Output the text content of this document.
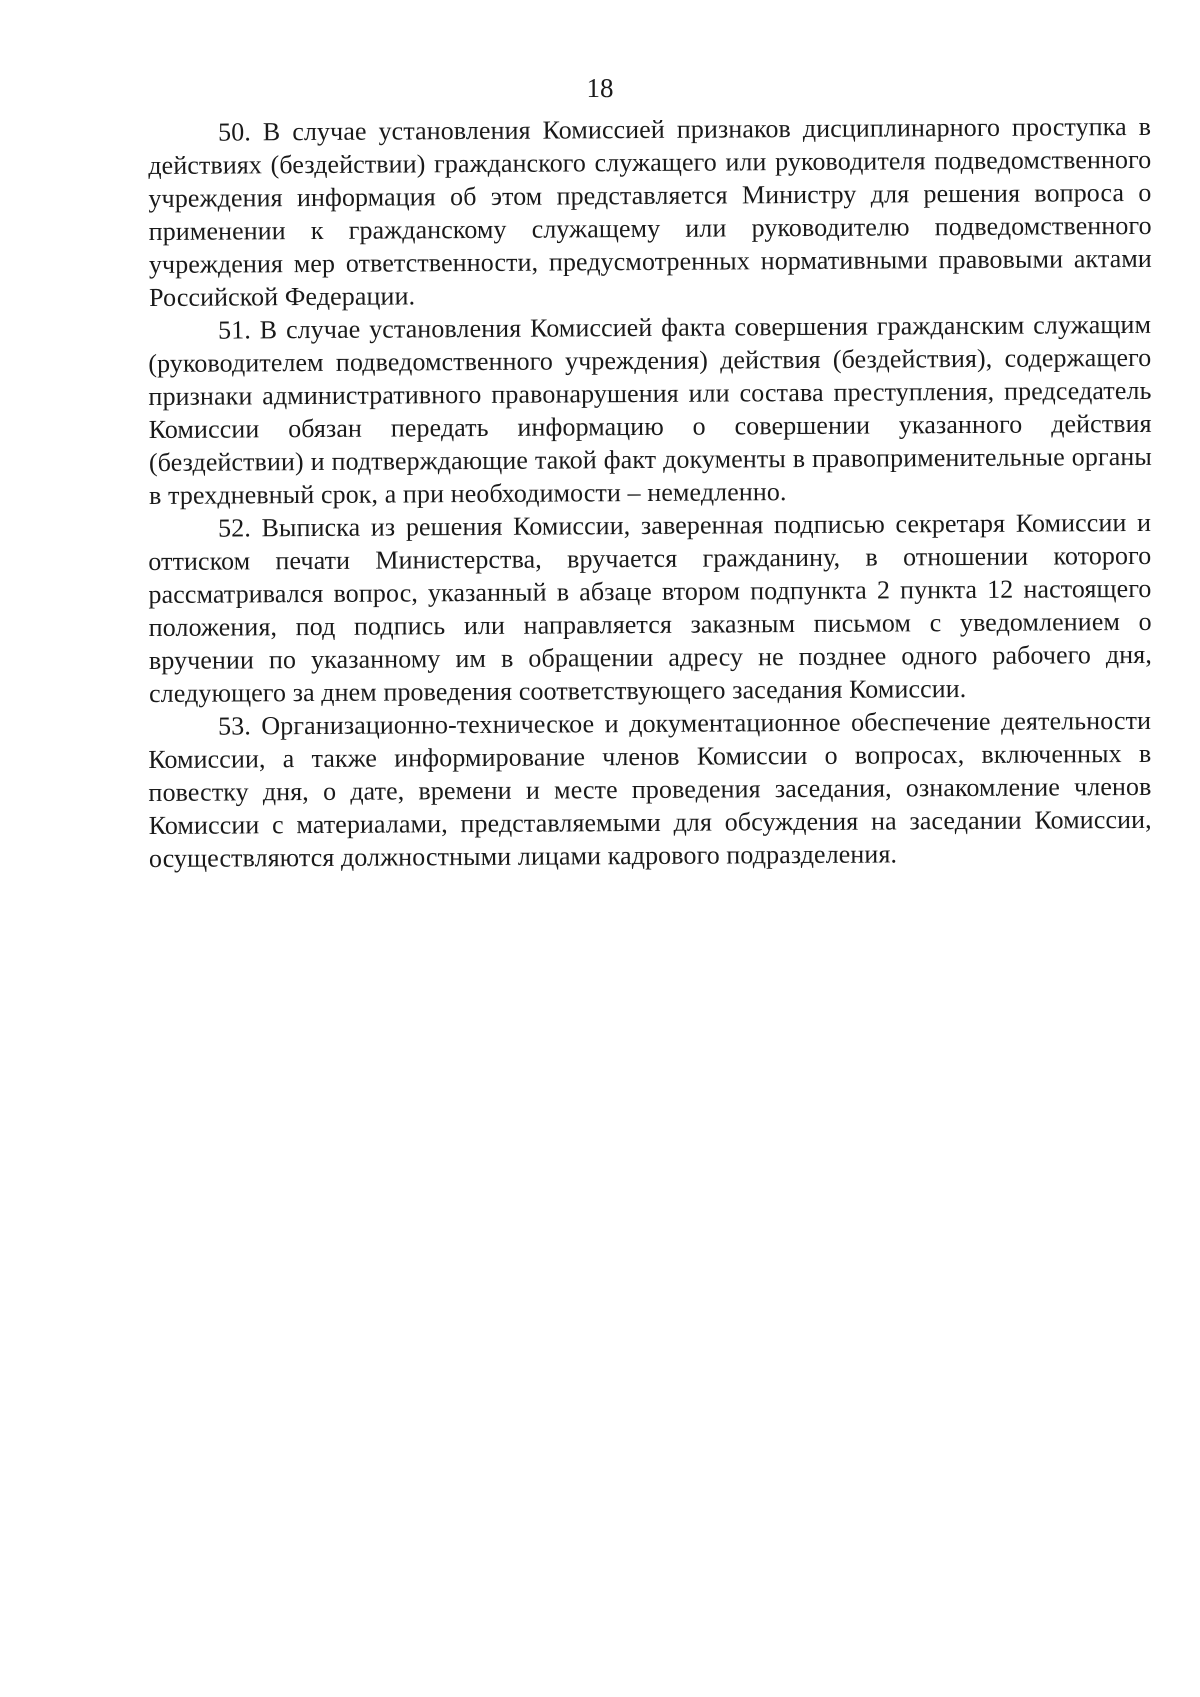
18

50. В случае установления Комиссией признаков дисциплинарного проступка в действиях (бездействии) гражданского служащего или руководителя подведомственного учреждения информация об этом представляется Министру для решения вопроса о применении к гражданскому служащему или руководителю подведомственного учреждения мер ответственности, предусмотренных нормативными правовыми актами Российской Федерации.

51. В случае установления Комиссией факта совершения гражданским служащим (руководителем подведомственного учреждения) действия (бездействия), содержащего признаки административного правонарушения или состава преступления, председатель Комиссии обязан передать информацию о совершении указанного действия (бездействии) и подтверждающие такой факт документы в правоприменительные органы в трехдневный срок, а при необходимости – немедленно.

52. Выписка из решения Комиссии, заверенная подписью секретаря Комиссии и оттиском печати Министерства, вручается гражданину, в отношении которого рассматривался вопрос, указанный в абзаце втором подпункта 2 пункта 12 настоящего положения, под подпись или направляется заказным письмом с уведомлением о вручении по указанному им в обращении адресу не позднее одного рабочего дня, следующего за днем проведения соответствующего заседания Комиссии.

53. Организационно-техническое и документационное обеспечение деятельности Комиссии, а также информирование членов Комиссии о вопросах, включенных в повестку дня, о дате, времени и месте проведения заседания, ознакомление членов Комиссии с материалами, представляемыми для обсуждения на заседании Комиссии, осуществляются должностными лицами кадрового подразделения.
